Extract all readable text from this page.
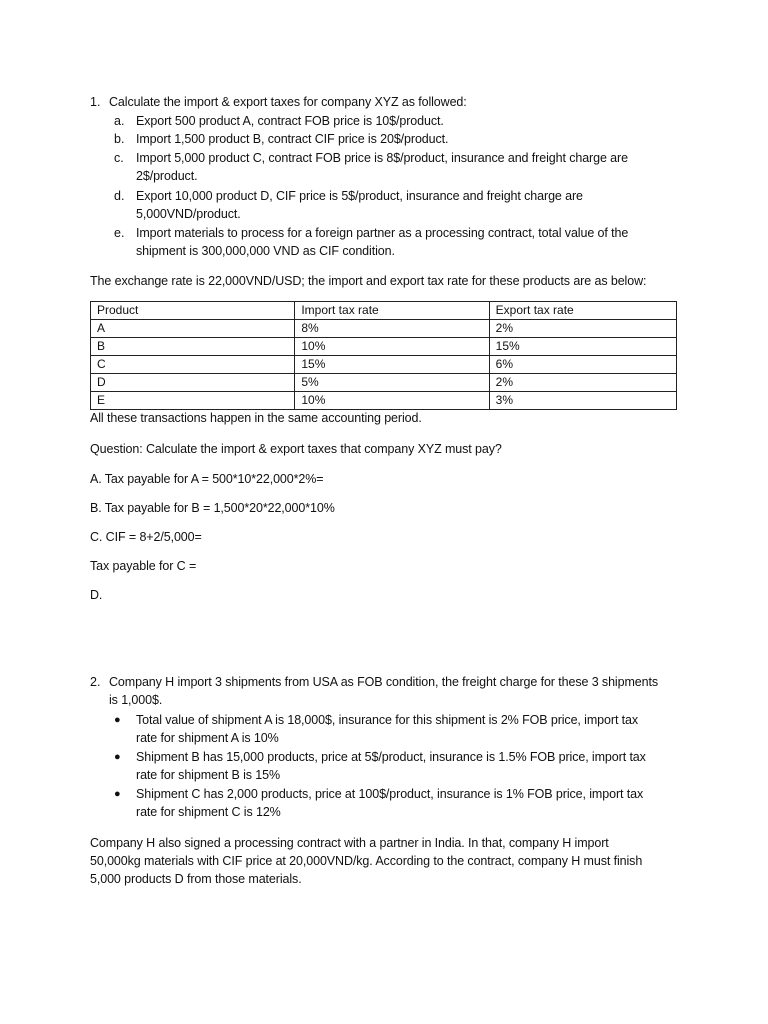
1. Calculate the import & export taxes for company XYZ as followed:
a. Export 500 product A, contract FOB price is 10$/product.
b. Import 1,500 product B, contract CIF price is 20$/product.
c. Import 5,000 product C, contract FOB price is 8$/product, insurance and freight charge are
2$/product.
d. Export 10,000 product D, CIF price is 5$/product, insurance and freight charge are
5,000VND/product.
e. Import materials to process for a foreign partner as a processing contract, total value of the
shipment is 300,000,000 VND as CIF condition.
The exchange rate is 22,000VND/USD; the import and export tax rate for these products are as below:
Product	Import tax rate	Export tax rate
A	8%	2%
B	10%	15%
C	15%	6%
D	5%	2%
E	10%	3%
All these transactions happen in the same accounting period.
Question: Calculate the import & export taxes that company XYZ must pay?
A. Tax payable for A = 500*10*22,000*2%=
B. Tax payable for B = 1,500*20*22,000*10%
C. CIF = 8+2/5,000=
Tax payable for C =
D.
2. Company H import 3 shipments from USA as FOB condition, the freight charge for these 3 shipments
is 1,000$.
● Total value of shipment A is 18,000$, insurance for this shipment is 2% FOB price, import tax
rate for shipment A is 10%
● Shipment B has 15,000 products, price at 5$/product, insurance is 1.5% FOB price, import tax
rate for shipment B is 15%
● Shipment C has 2,000 products, price at 100$/product, insurance is 1% FOB price, import tax
rate for shipment C is 12%
Company H also signed a processing contract with a partner in India. In that, company H import
50,000kg materials with CIF price at 20,000VND/kg. According to the contract, company H must finish
5,000 products D from those materials.
